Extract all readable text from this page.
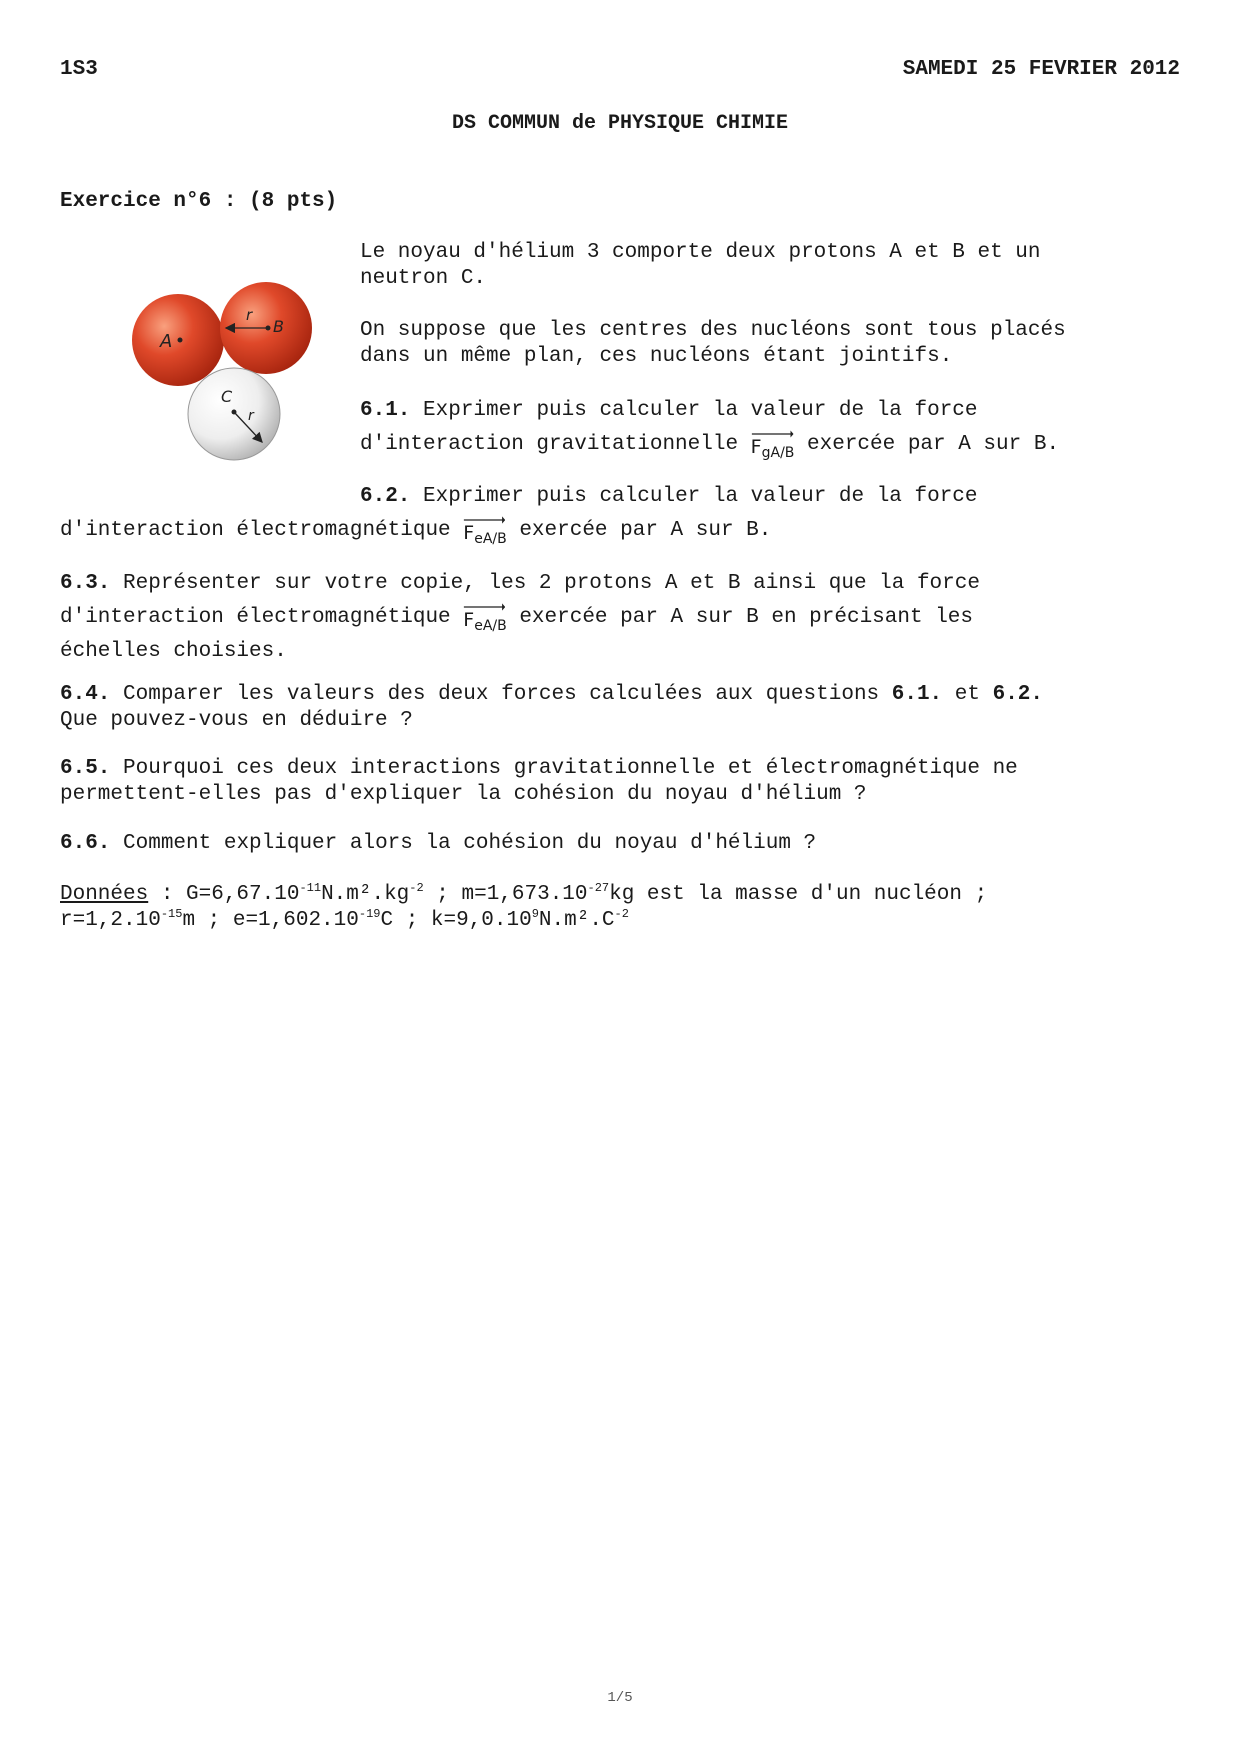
1S3	SAMEDI 25 FEVRIER 2012
DS COMMUN de PHYSIQUE CHIMIE
Exercice n°6 : (8 pts)
A
r
B
C
r

Le noyau d'hélium 3 comporte deux protons A et B et un

neutron C.

On suppose que les centres des nucléons sont tous placés

dans un même plan, ces nucléons étant jointifs.

6.1. Exprimer puis calculer la valeur de la force

d'interaction gravitationnelle
$F_{gA/B}$ exercée par A sur B.

6.2. Exprimer puis calculer la valeur de la force

d'interaction électromagnétique
$F_{eA/B}$ exercée par A sur B.

6.3. Représenter sur votre copie, les 2 protons A et B ainsi que la force

d'interaction électromagnétique
$F_{eA/B}$ exercée par A sur B en précisant les

échelles choisies.

6.4. Comparer les valeurs des deux forces calculées aux questions 6.1. et 6.2.

Que pouvez-vous en déduire ?

6.5. Pourquoi ces deux interactions gravitationnelle et électromagnétique ne

permettent-elles pas d'expliquer la cohésion du noyau d'hélium ?

6.6. Comment expliquer alors la cohésion du noyau d'hélium ?

Données : $G=6,67.10^{-11}N.m^2.kg^{-2}$ ; $m=1,673.10^{-27}kg$ est la masse d'un nucléon ;

$r=1,2.10^{-15}m$ ; $e=1,602.10^{-19}C$ ; $k=9,0.10^9N.m^2.C^{-2}$

1/5
